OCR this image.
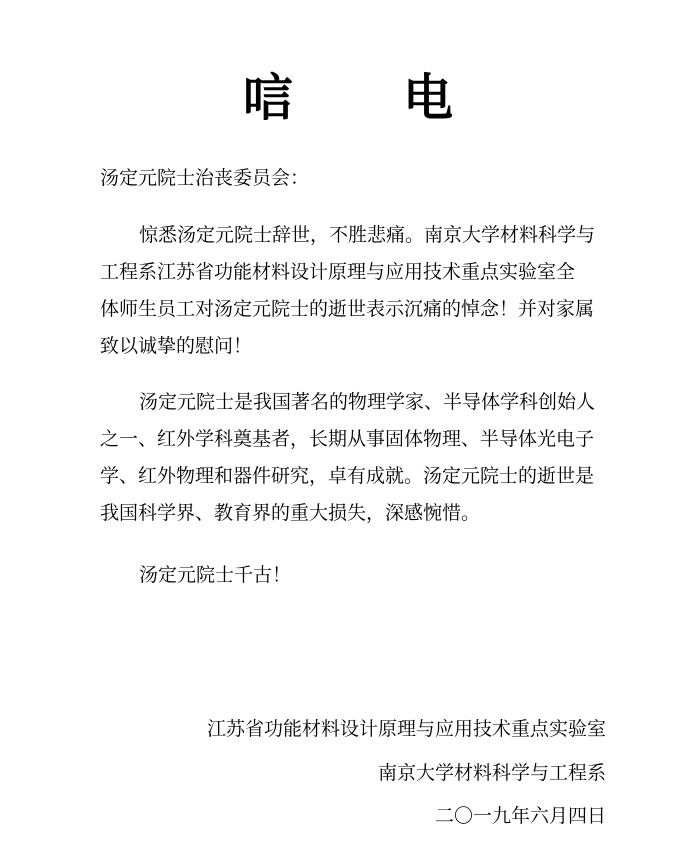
唁 电
汤定元院士治丧委员会：
惊悉汤定元院士辞世，不胜悲痛。南京大学材料科学与
工程系江苏省功能材料设计原理与应用技术重点实验室全
体师生员工对汤定元院士的逝世表示沉痛的悼念！并对家属
致以诚挚的慰问！
汤定元院士是我国著名的物理学家、半导体学科创始人
之一、红外学科奠基者，长期从事固体物理、半导体光电子
学、红外物理和器件研究，卓有成就。汤定元院士的逝世是
我国科学界、教育界的重大损失，深感惋惜。
汤定元院士千古！
江苏省功能材料设计原理与应用技术重点实验室
南京大学材料科学与工程系
二〇一九年六月四日
